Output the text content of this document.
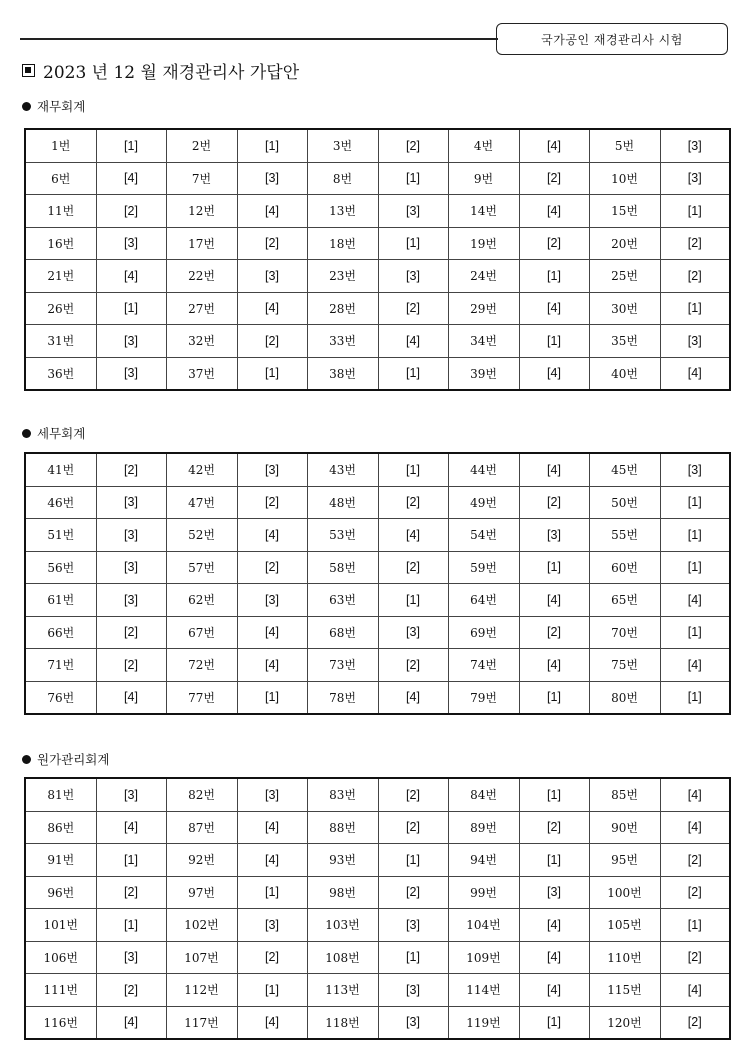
국가공인 재경관리사 시험
2023 년 12 월 재경관리사 가답안
재무회계
1번	[1]	2번	[1]	3번	[2]	4번	[4]	5번	[3]
6번	[4]	7번	[3]	8번	[1]	9번	[2]	10번	[3]
11번	[2]	12번	[4]	13번	[3]	14번	[4]	15번	[1]
16번	[3]	17번	[2]	18번	[1]	19번	[2]	20번	[2]
21번	[4]	22번	[3]	23번	[3]	24번	[1]	25번	[2]
26번	[1]	27번	[4]	28번	[2]	29번	[4]	30번	[1]
31번	[3]	32번	[2]	33번	[4]	34번	[1]	35번	[3]
36번	[3]	37번	[1]	38번	[1]	39번	[4]	40번	[4]
세무회계
41번	[2]	42번	[3]	43번	[1]	44번	[4]	45번	[3]
46번	[3]	47번	[2]	48번	[2]	49번	[2]	50번	[1]
51번	[3]	52번	[4]	53번	[4]	54번	[3]	55번	[1]
56번	[3]	57번	[2]	58번	[2]	59번	[1]	60번	[1]
61번	[3]	62번	[3]	63번	[1]	64번	[4]	65번	[4]
66번	[2]	67번	[4]	68번	[3]	69번	[2]	70번	[1]
71번	[2]	72번	[4]	73번	[2]	74번	[4]	75번	[4]
76번	[4]	77번	[1]	78번	[4]	79번	[1]	80번	[1]
원가관리회계
81번	[3]	82번	[3]	83번	[2]	84번	[1]	85번	[4]
86번	[4]	87번	[4]	88번	[2]	89번	[2]	90번	[4]
91번	[1]	92번	[4]	93번	[1]	94번	[1]	95번	[2]
96번	[2]	97번	[1]	98번	[2]	99번	[3]	100번	[2]
101번	[1]	102번	[3]	103번	[3]	104번	[4]	105번	[1]
106번	[3]	107번	[2]	108번	[1]	109번	[4]	110번	[2]
111번	[2]	112번	[1]	113번	[3]	114번	[4]	115번	[4]
116번	[4]	117번	[4]	118번	[3]	119번	[1]	120번	[2]
